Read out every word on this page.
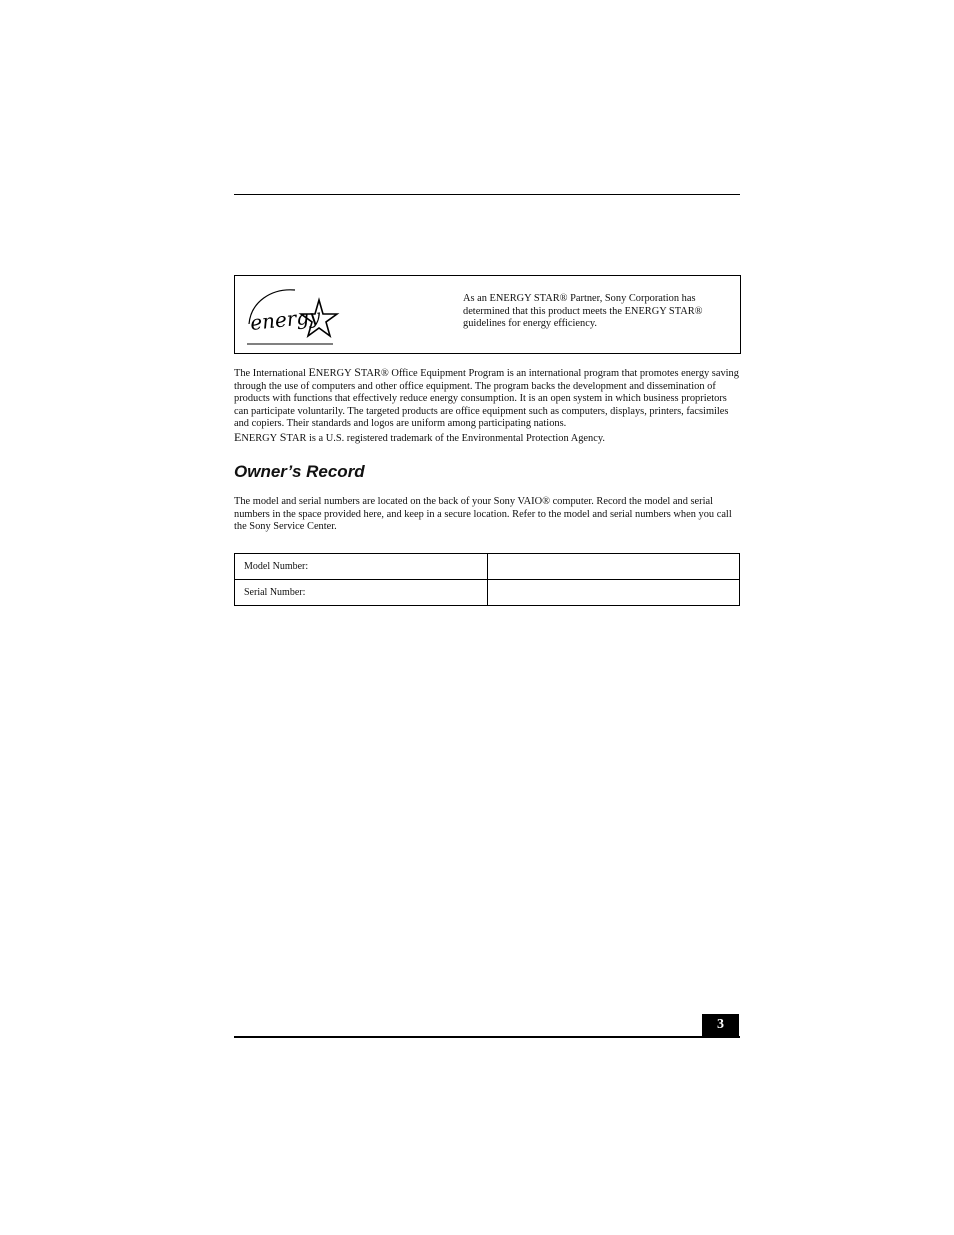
energy
As an ENERGY STAR® Partner, Sony Corporation has determined that this product meets the ENERGY STAR® guidelines for energy efficiency.
The International ENERGY STAR® Office Equipment Program is an international program that promotes energy saving through the use of computers and other office equipment. The program backs the development and dissemination of products with functions that effectively reduce energy consumption. It is an open system in which business proprietors can participate voluntarily. The targeted products are office equipment such as computers, displays, printers, facsimiles and copiers. Their standards and logos are uniform among participating nations.
ENERGY STAR is a U.S. registered trademark of the Environmental Protection Agency.
Owner’s Record
The model and serial numbers are located on the back of your Sony VAIO® computer. Record the model and serial numbers in the space provided here, and keep in a secure location. Refer to the model and serial numbers when you call the Sony Service Center.
Model Number:	
Serial Number:	
3
